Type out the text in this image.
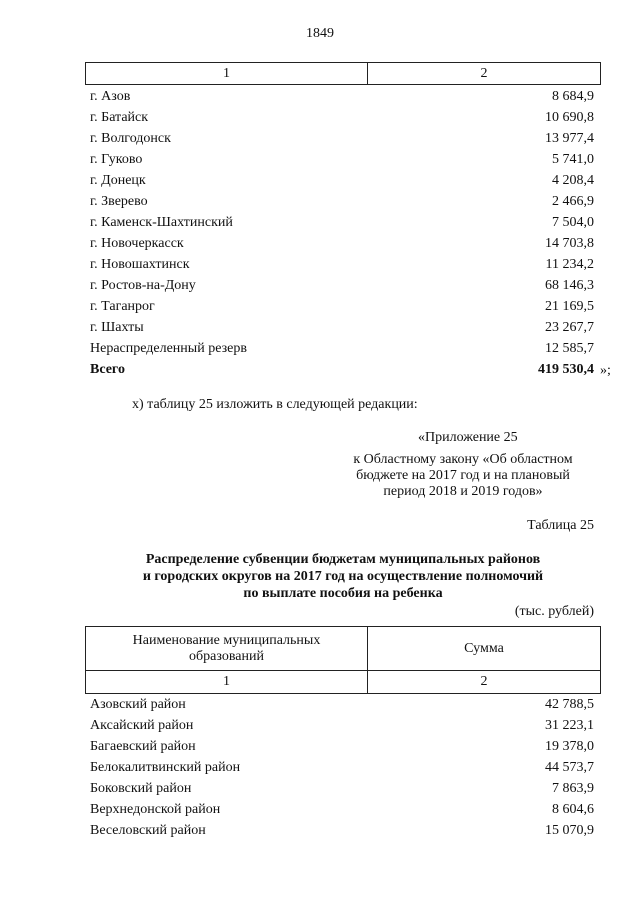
1849
1	2
г. Азов	8 684,9
г. Батайск	10 690,8
г. Волгодонск	13 977,4
г. Гуково	5 741,0
г. Донецк	4 208,4
г. Зверево	2 466,9
г. Каменск-Шахтинский	7 504,0
г. Новочеркасск	14 703,8
г. Новошахтинск	11 234,2
г. Ростов-на-Дону	68 146,3
г. Таганрог	21 169,5
г. Шахты	23 267,7
Нераспределенный резерв	12 585,7
Всего	419 530,4 »;
х) таблицу 25 изложить в следующей редакции:
«Приложение 25
к Областному закону «Об областном
бюджете на 2017 год и на плановый
период 2018 и 2019 годов»
Таблица 25
Распределение субвенции бюджетам муниципальных районов
и городских округов на 2017 год на осуществление полномочий
по выплате пособия на ребенка
(тыс. рублей)
Наименование муниципальных
образований
Сумма
1	2
Азовский район	42 788,5
Аксайский район	31 223,1
Багаевский район	19 378,0
Белокалитвинский район	44 573,7
Боковский район	7 863,9
Верхнедонской район	8 604,6
Веселовский район	15 070,9
